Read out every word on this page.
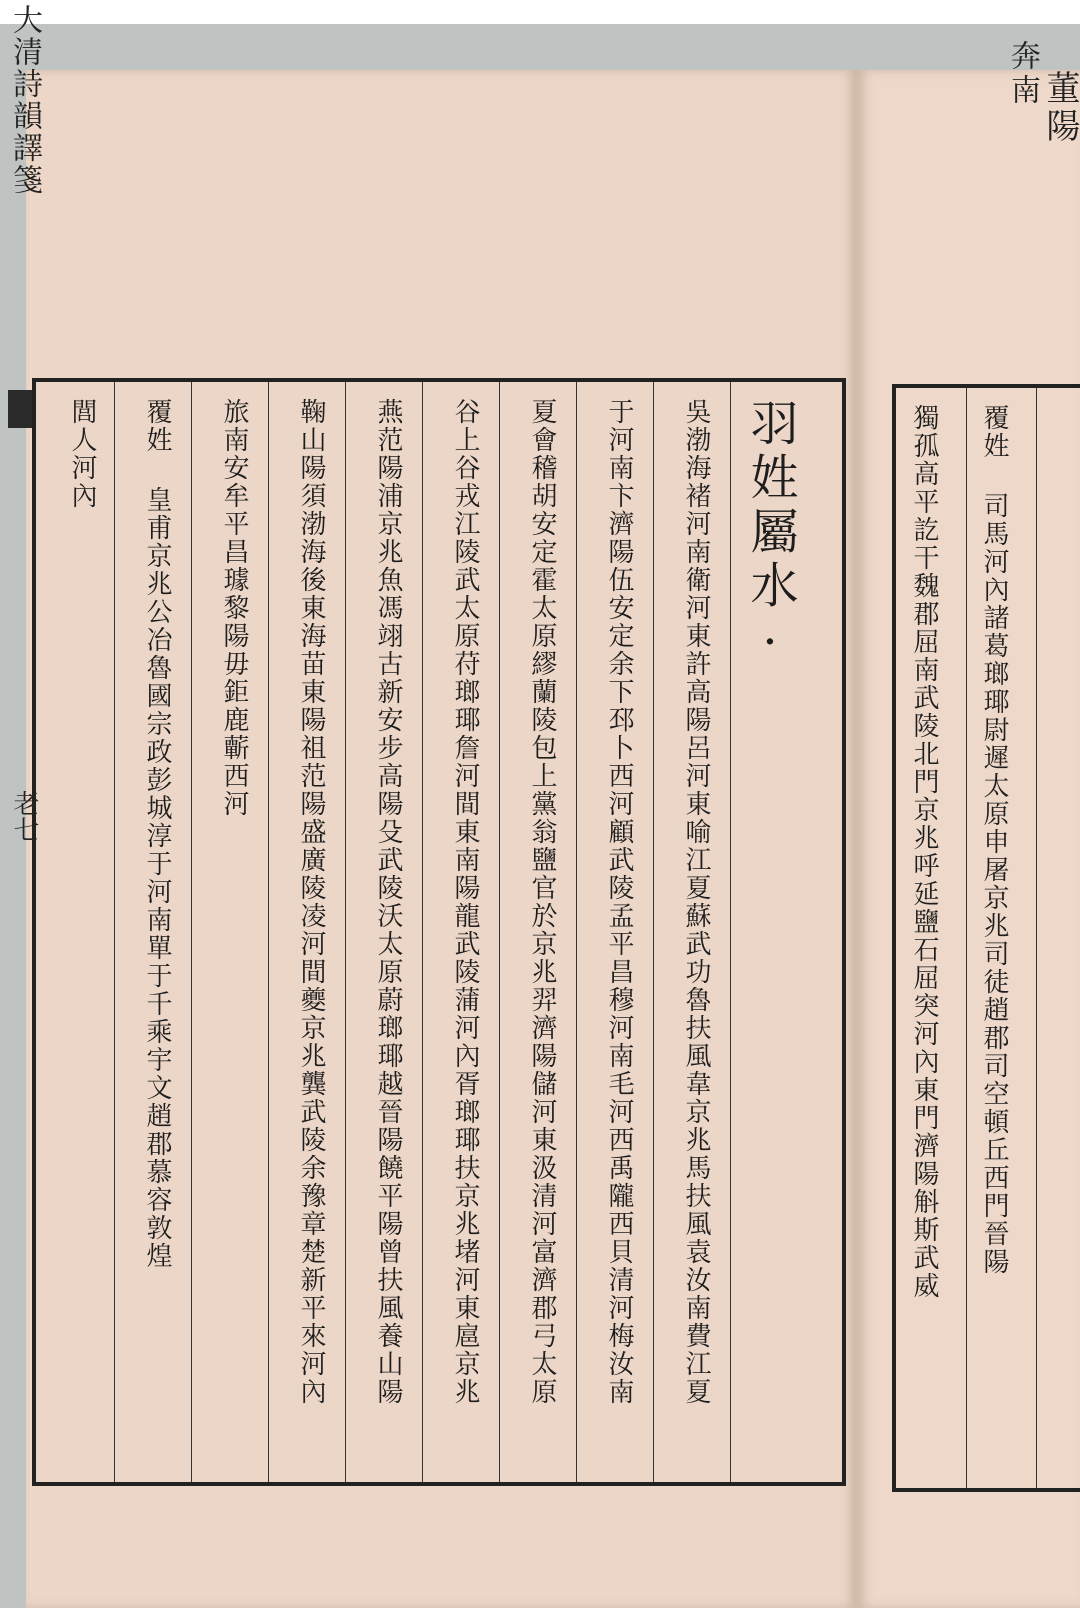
大清詩韻譯箋
老七
羽姓屬水·
吳渤海褚河南衛河東許高陽呂河東喻江夏蘇武功魯扶風韋京兆馬扶風袁汝南費江夏
于河南卞濟陽伍安定余下邳卜西河顧武陵孟平昌穆河南毛河西禹隴西貝清河梅汝南
夏會稽胡安定霍太原繆蘭陵包上黨翁鹽官於京兆羿濟陽儲河東汲清河富濟郡弓太原
谷上谷戎江陵武太原苻瑯瑘詹河間東南陽龍武陵蒲河內胥瑯瑘扶京兆堵河東扈京兆
燕范陽浦京兆魚馮翊古新安步高陽殳武陵沃太原蔚瑯瑘越晉陽饒平陽曾扶風養山陽
鞠山陽須渤海後東海苗東陽祖范陽盛廣陵凌河間夔京兆龔武陵余豫章楚新平來河內
旅南安牟平昌璩黎陽毋鉅鹿蘄西河
覆姓 皇甫京兆公冶魯國宗政彭城淳于河南單于千乘宇文趙郡慕容敦煌
閭人河內
董陽
奔南
覆姓 司馬河內諸葛瑯瑘尉遲太原申屠京兆司徒趙郡司空頓丘西門晉陽
獨孤高平訖干魏郡屈南武陵北門京兆呼延鹽石屈突河內東門濟陽斛斯武威
